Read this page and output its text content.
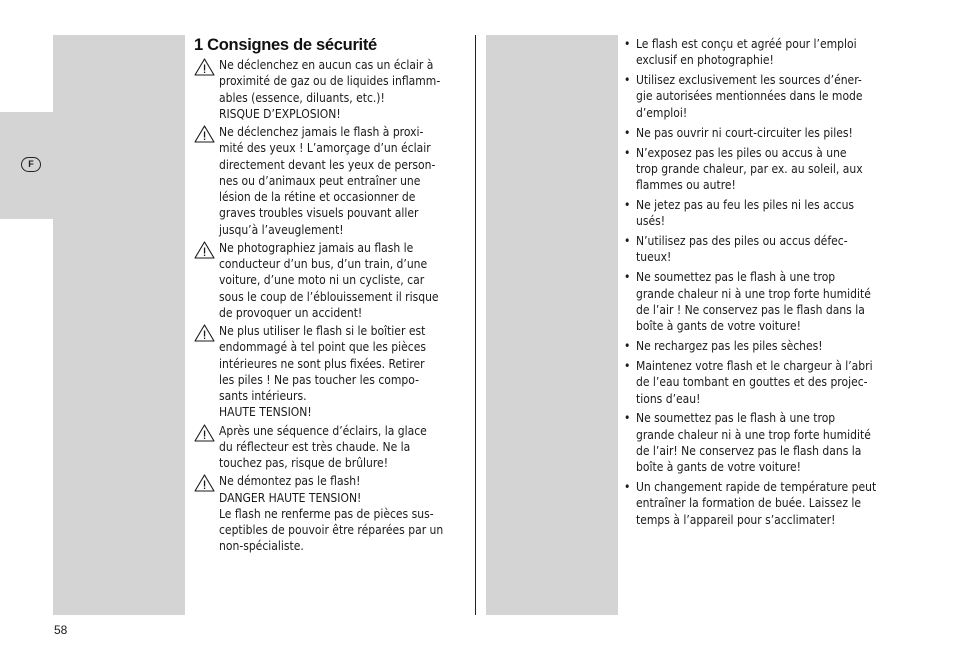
F
1 Consignes de sécurité
Ne déclenchez en aucun cas un éclair à
proximité de gaz ou de liquides inflamm-
ables (essence, diluants, etc.)!
RISQUE D’EXPLOSION!
Ne déclenchez jamais le flash à proxi-
mité des yeux ! L’amorçage d’un éclair
directement devant les yeux de person-
nes ou d’animaux peut entraîner une
lésion de la rétine et occasionner de
graves troubles visuels pouvant aller
jusqu’à l’aveuglement!
Ne photographiez jamais au flash le
conducteur d’un bus, d’un train, d’une
voiture, d’une moto ni un cycliste, car
sous le coup de l’éblouissement il risque
de provoquer un accident!
Ne plus utiliser le flash si le boîtier est
endommagé à tel point que les pièces
intérieures ne sont plus fixées. Retirer
les piles ! Ne pas toucher les compo-
sants intérieurs.
HAUTE TENSION!
Après une séquence d’éclairs, la glace
du réflecteur est très chaude. Ne la
touchez pas, risque de brûlure!
Ne démontez pas le flash!
DANGER HAUTE TENSION!
Le flash ne renferme pas de pièces sus-
ceptibles de pouvoir être réparées par un
non-spécialiste.
• Le flash est conçu et agréé pour l’emploi
exclusif en photographie!
• Utilisez exclusivement les sources d’éner-
gie autorisées mentionnées dans le mode
d’emploi!
• Ne pas ouvrir ni court-circuiter les piles!
• N’exposez pas les piles ou accus à une
trop grande chaleur, par ex. au soleil, aux
flammes ou autre!
• Ne jetez pas au feu les piles ni les accus
usés!
• N’utilisez pas des piles ou accus défec-
tueux!
• Ne soumettez pas le flash à une trop
grande chaleur ni à une trop forte humidité
de l’air ! Ne conservez pas le flash dans la
boîte à gants de votre voiture!
• Ne rechargez pas les piles sèches!
• Maintenez votre flash et le chargeur à l’abri
de l’eau tombant en gouttes et des projec-
tions d’eau!
• Ne soumettez pas le flash à une trop
grande chaleur ni à une trop forte humidité
de l’air! Ne conservez pas le flash dans la
boîte à gants de votre voiture!
• Un changement rapide de température peut
entraîner la formation de buée. Laissez le
temps à l’appareil pour s’acclimater!
58
